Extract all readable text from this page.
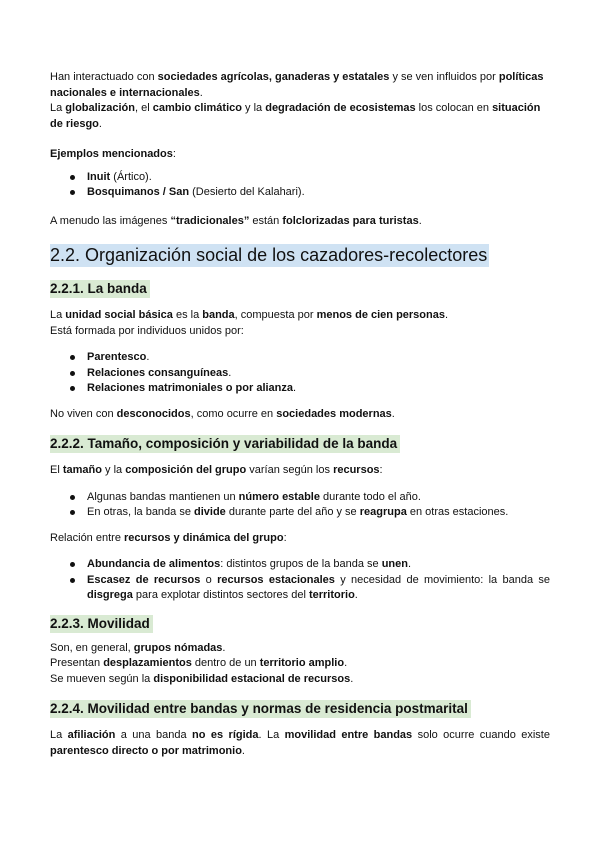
Han interactuado con sociedades agrícolas, ganaderas y estatales y se ven influidos por políticas nacionales e internacionales.

La globalización, el cambio climático y la degradación de ecosistemas los colocan en situación de riesgo.

Ejemplos mencionados:

Inuit (Ártico).
Bosquimanos / San (Desierto del Kalahari).

A menudo las imágenes “tradicionales” están folclorizadas para turistas.

2.2. Organización social de los cazadores-recolectores
2.2.1. La banda

La unidad social básica es la banda, compuesta por menos de cien personas.

Está formada por individuos unidos por:

Parentesco.
Relaciones consanguíneas.
Relaciones matrimoniales o por alianza.

No viven con desconocidos, como ocurre en sociedades modernas.

2.2.2. Tamaño, composición y variabilidad de la banda

El tamaño y la composición del grupo varían según los recursos:

Algunas bandas mantienen un número estable durante todo el año.
En otras, la banda se divide durante parte del año y se reagrupa en otras estaciones.

Relación entre recursos y dinámica del grupo:

Abundancia de alimentos: distintos grupos de la banda se unen.
Escasez de recursos o recursos estacionales y necesidad de movimiento: la banda se disgrega para explotar distintos sectores del territorio.
2.2.3. Movilidad

Son, en general, grupos nómadas.

Presentan desplazamientos dentro de un territorio amplio.

Se mueven según la disponibilidad estacional de recursos.

2.2.4. Movilidad entre bandas y normas de residencia postmarital

La afiliación a una banda no es rígida. La movilidad entre bandas solo ocurre cuando existe parentesco directo o por matrimonio.
